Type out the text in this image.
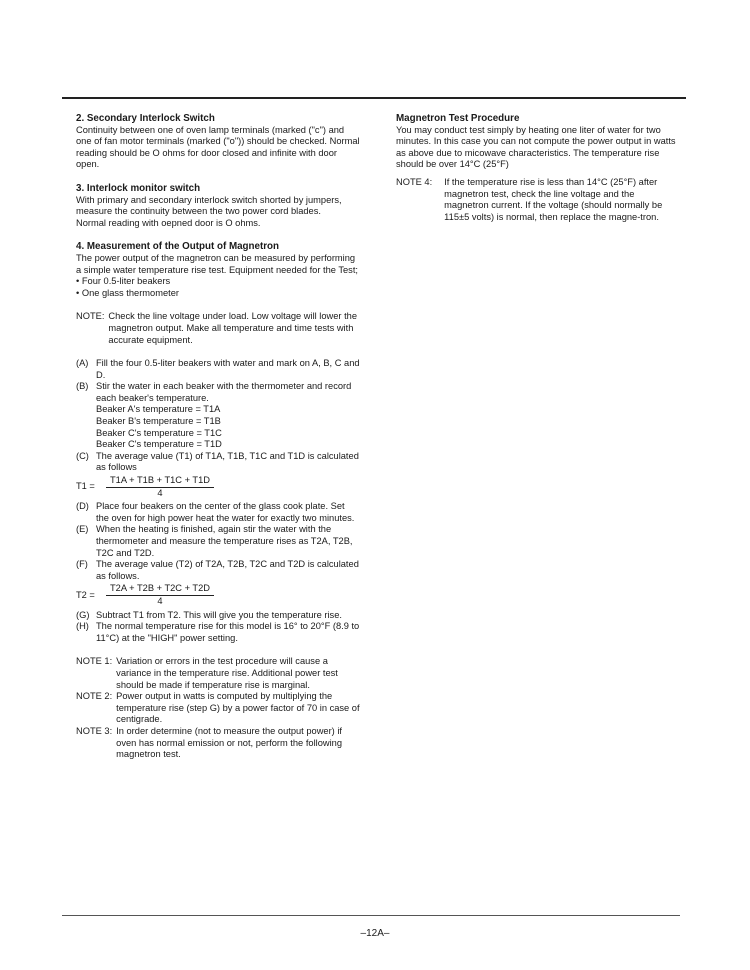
2. Secondary Interlock Switch

Continuity between one of oven lamp terminals (marked ("c") and one of fan motor terminals (marked ("o")) should be checked. Normal reading should be O ohms for door closed and infinite with door open.

3. Interlock monitor switch

With primary and secondary interlock switch shorted by jumpers, measure the continuity between the two power cord blades.

Normal reading with oepned door is O ohms.

4. Measurement of the Output of Magnetron

The power output of the magnetron can be measured by performing a simple water temperature rise test. Equipment needed for the Test;

• Four 0.5-liter beakers

• One glass thermometer

NOTE: Check the line voltage under load. Low voltage will lower the magnetron output. Make all temperature and time tests with accurate equipment.
(A) Fill the four 0.5-liter beakers with water and mark on A, B, C and D.
(B) Stir the water in each beaker with the thermometer and record each beaker's temperature.
Beaker A's temperature = T1A
Beaker B's temperature = T1B
Beaker C's temperature = T1C
Beaker C's temperature = T1D
(C) The average value (T1) of T1A, T1B, T1C and T1D is calculated as follows
T1 =	$\frac{T1A + T1B + T1C + T1D}{4}$
(D) Place four beakers on the center of the glass cook plate. Set the oven for high power heat the water for exactly two minutes.
(E) When the heating is finished, again stir the water with the thermometer and measure the temperature rises as T2A, T2B, T2C and T2D.
(F) The average value (T2) of T2A, T2B, T2C and T2D is calculated as follows.
T2 =	$\frac{T2A + T2B + T2C + T2D}{4}$
(G) Subtract T1 from T2. This will give you the temperature rise.
(H) The normal temperature rise for this model is 16° to 20°F (8.9 to 11°C) at the "HIGH" power setting.
NOTE 1: Variation or errors in the test procedure will cause a variance in the temperature rise. Additional power test should be made if temperature rise is marginal.
NOTE 2: Power output in watts is computed by multiplying the temperature rise (step G) by a power factor of 70 in case of centigrade.
NOTE 3: In order determine (not to measure the output power) if oven has normal emission or not, perform the following magnetron test.

Magnetron Test Procedure

You may conduct test simply by heating one liter of water for two minutes. In this case you can not compute the power output in watts as above due to micowave characteristics. The temperature rise should be over 14°C (25°F)

NOTE 4:	If the temperature rise is less than 14°C (25°F) after magnetron test, check the line voltage and the magnetron current. If the voltage (should normally be 115±5 volts) is normal, then replace the magne-tron.
–12A–
